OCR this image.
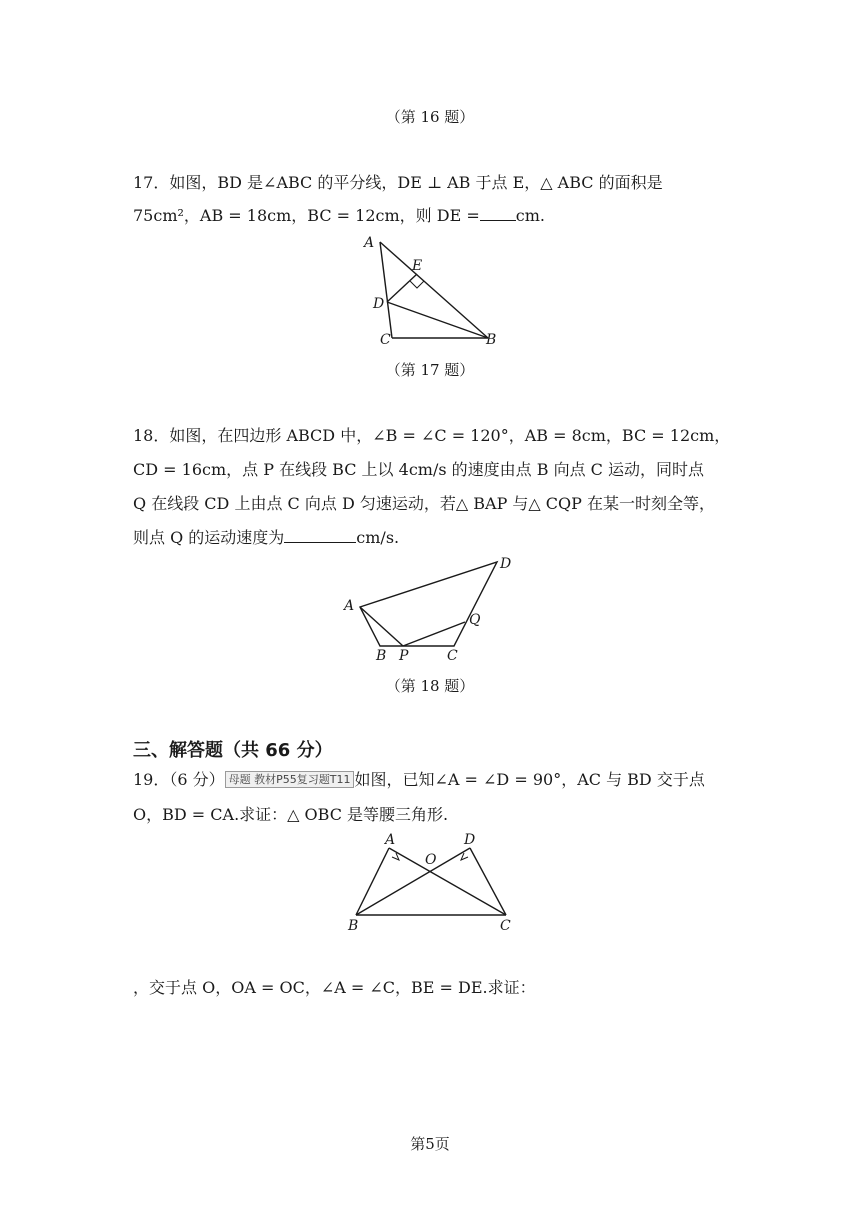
（第 16 题）
17．如图，BD 是∠ABC 的平分线，DE ⊥ AB 于点 E，△ ABC 的面积是
75cm²，AB = 18cm，BC = 12cm，则 DE = cm.
A
E
D
C	B
（第 17 题）
18．如图，在四边形 ABCD 中，∠B = ∠C = 120°，AB = 8cm，BC = 12cm，
CD = 16cm，点 P 在线段 BC 上以 4cm/s 的速度由点 B 向点 C 运动，同时点
Q 在线段 CD 上由点 C 向点 D 匀速运动，若△ BAP 与△ CQP 在某一时刻全等，
则点 Q 的运动速度为	cm/s.
A
B P	C
Q
D
（第 18 题）
三、解答题（共 66 分）
19．（6 分） 母题 教材P55复习题T11 如图，已知∠A = ∠D = 90°，AC 与 BD 交于点
O，BD = CA.求证：△ OBC 是等腰三角形.
A	D
O
B	C
，交于点 O，OA = OC，∠A = ∠C，BE = DE.求证：
第5页
